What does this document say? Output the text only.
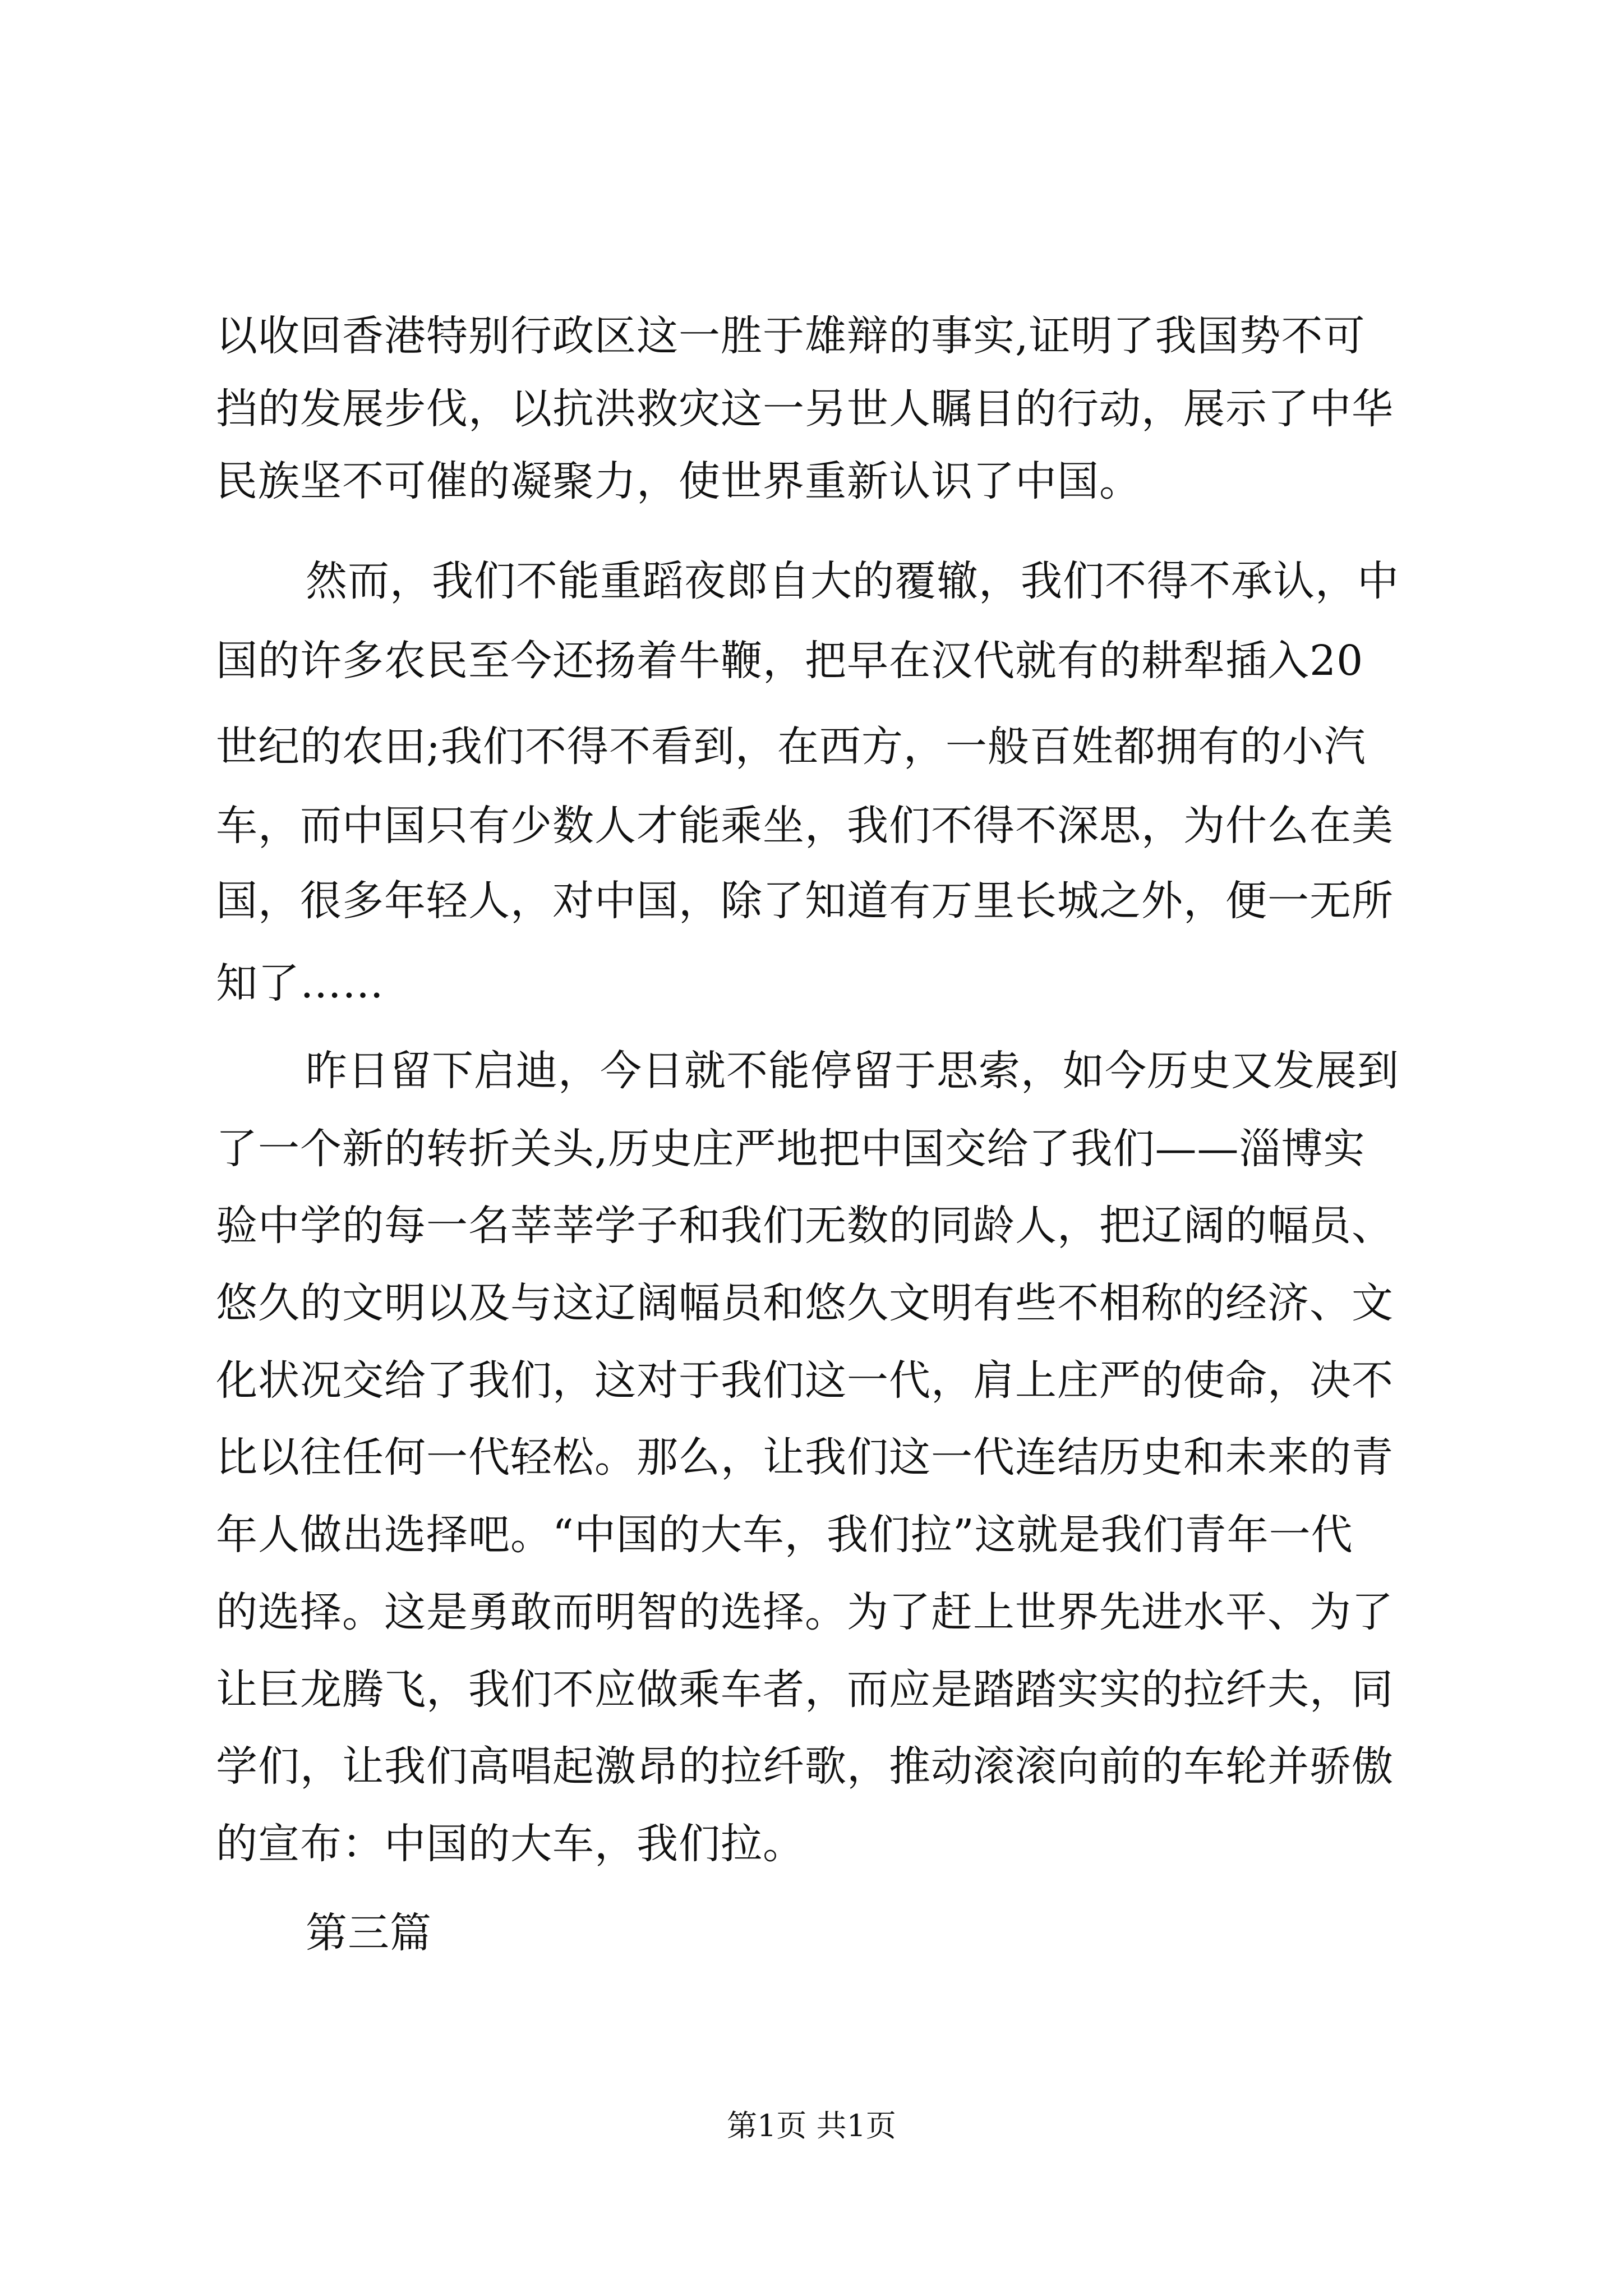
以收回香港特别行政区这一胜于雄辩的事实,证明了我国势不可
挡的发展步伐，以抗洪救灾这一另世人瞩目的行动，展示了中华
民族坚不可催的凝聚力，使世界重新认识了中国。
然而，我们不能重蹈夜郎自大的覆辙，我们不得不承认，中
国的许多农民至今还扬着牛鞭，把早在汉代就有的耕犁插入20
世纪的农田;我们不得不看到，在西方，一般百姓都拥有的小汽
车，而中国只有少数人才能乘坐，我们不得不深思，为什么在美
国，很多年轻人，对中国，除了知道有万里长城之外，便一无所
知了……
昨日留下启迪，今日就不能停留于思索，如今历史又发展到
了一个新的转折关头,历史庄严地把中国交给了我们——淄博实
验中学的每一名莘莘学子和我们无数的同龄人，把辽阔的幅员、
悠久的文明以及与这辽阔幅员和悠久文明有些不相称的经济、文
化状况交给了我们，这对于我们这一代，肩上庄严的使命，决不
比以往任何一代轻松。那么，让我们这一代连结历史和未来的青
年人做出选择吧。“中国的大车，我们拉”这就是我们青年一代
的选择。这是勇敢而明智的选择。为了赶上世界先进水平、为了
让巨龙腾飞，我们不应做乘车者，而应是踏踏实实的拉纤夫，同
学们，让我们高唱起激昂的拉纤歌，推动滚滚向前的车轮并骄傲
的宣布：中国的大车，我们拉。
第三篇
第1页 共1页
